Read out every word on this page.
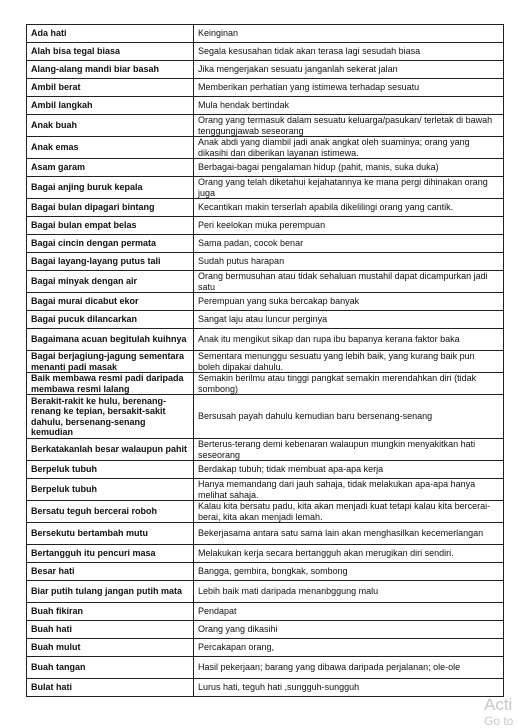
Ada hati	Keinginan
Alah bisa tegal biasa	Segala kesusahan tidak akan terasa lagi sesudah biasa
Alang-alang mandi biar basah	Jika mengerjakan sesuatu janganlah sekerat jalan
Ambil berat	Memberikan perhatian yang istimewa terhadap sesuatu
Ambil langkah	Mula hendak bertindak
Anak buah	Orang yang termasuk dalam sesuatu keluarga/pasukan/ terletak di bawah tenggungjawab seseorang
Anak emas	Anak abdi yang diambil jadi anak angkat oleh suaminya; orang yang dikasihi dan diberikan layanan istimewa.
Asam garam	Berbagai-bagai pengalaman hidup (pahit, manis, suka duka)
Bagai anjing buruk kepala	Orang yang telah diketahui kejahatannya ke mana pergi dihinakan orang juga
Bagai bulan dipagari bintang	Kecantikan makin terserlah apabila dikelilingi orang yang cantik.
Bagai bulan empat belas	Peri keelokan muka perempuan
Bagai cincin dengan permata	Sama padan, cocok benar
Bagai layang-layang putus tali	Sudah putus harapan
Bagai minyak dengan air	Orang bermusuhan atau tidak sehaluan mustahil dapat dicampurkan jadi satu
Bagai murai dicabut ekor	Perempuan yang suka bercakap banyak
Bagai pucuk dilancarkan	Sangat laju atau luncur perginya
Bagaimana acuan begitulah kuihnya	Anak itu mengikut sikap dan rupa ibu bapanya kerana faktor baka
Bagai berjagiung-jagung sementara menanti padi masak	Sementara menunggu sesuatu yang lebih baik, yang kurang baik pun boleh dipakai dahulu.
Baik membawa resmi padi daripada membawa resmi lalang	Semakin berilmu atau tinggi pangkat semakin merendahkan diri (tidak sombong)
Berakit-rakit ke hulu, berenang-renang ke tepian, bersakit-sakit dahulu, bersenang-senang kemudian	Bersusah payah dahulu kemudian baru bersenang-senang
Berkatakanlah besar walaupun pahit	Berterus-terang demi kebenaran walaupun mungkin menyakitkan hati seseorang
Berpeluk tubuh	Berdakap tubuh; tidak membuat apa-apa kerja
Berpeluk tubuh	Hanya memandang dari jauh sahaja, tidak melakukan apa-apa hanya melihat sahaja.
Bersatu teguh bercerai roboh	Kalau kita bersatu padu, kita akan menjadi kuat tetapi kalau kita bercerai-berai, kita akan menjadi lemah.
Bersekutu bertambah mutu	Bekerjasama antara satu sama lain akan menghasilkan kecemerlangan
Bertangguh itu pencuri masa	Melakukan kerja secara bertangguh akan merugikan diri sendiri.
Besar hati	Bangga, gembira, bongkak, sombong
Biar putih tulang jangan putih mata	Lebih baik mati daripada menanbggung malu
Buah fikiran	Pendapat
Buah hati	Orang yang dikasihi
Buah mulut	Percakapan orang,
Buah tangan	Hasil pekerjaan; barang yang dibawa daripada perjalanan; ole-ole
Bulat hati	Lurus hati, teguh hati ,sungguh-sungguh
Acti
Go to
